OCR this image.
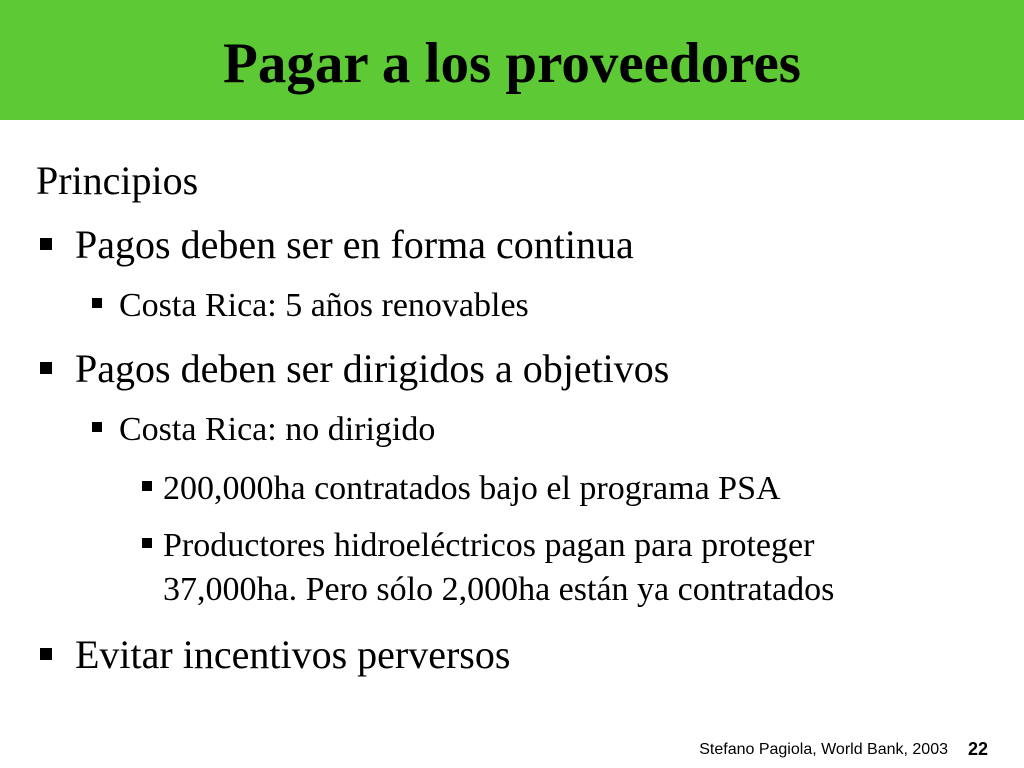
Pagar a los proveedores
Principios
Pagos deben ser en forma continua
Costa Rica: 5 años renovables
Pagos deben ser dirigidos a objetivos
Costa Rica: no dirigido
200,000ha contratados bajo el programa PSA
Productores hidroeléctricos pagan para proteger
37,000ha. Pero sólo 2,000ha están ya contratados
Evitar incentivos perversos
Stefano Pagiola, World Bank, 2003 22
